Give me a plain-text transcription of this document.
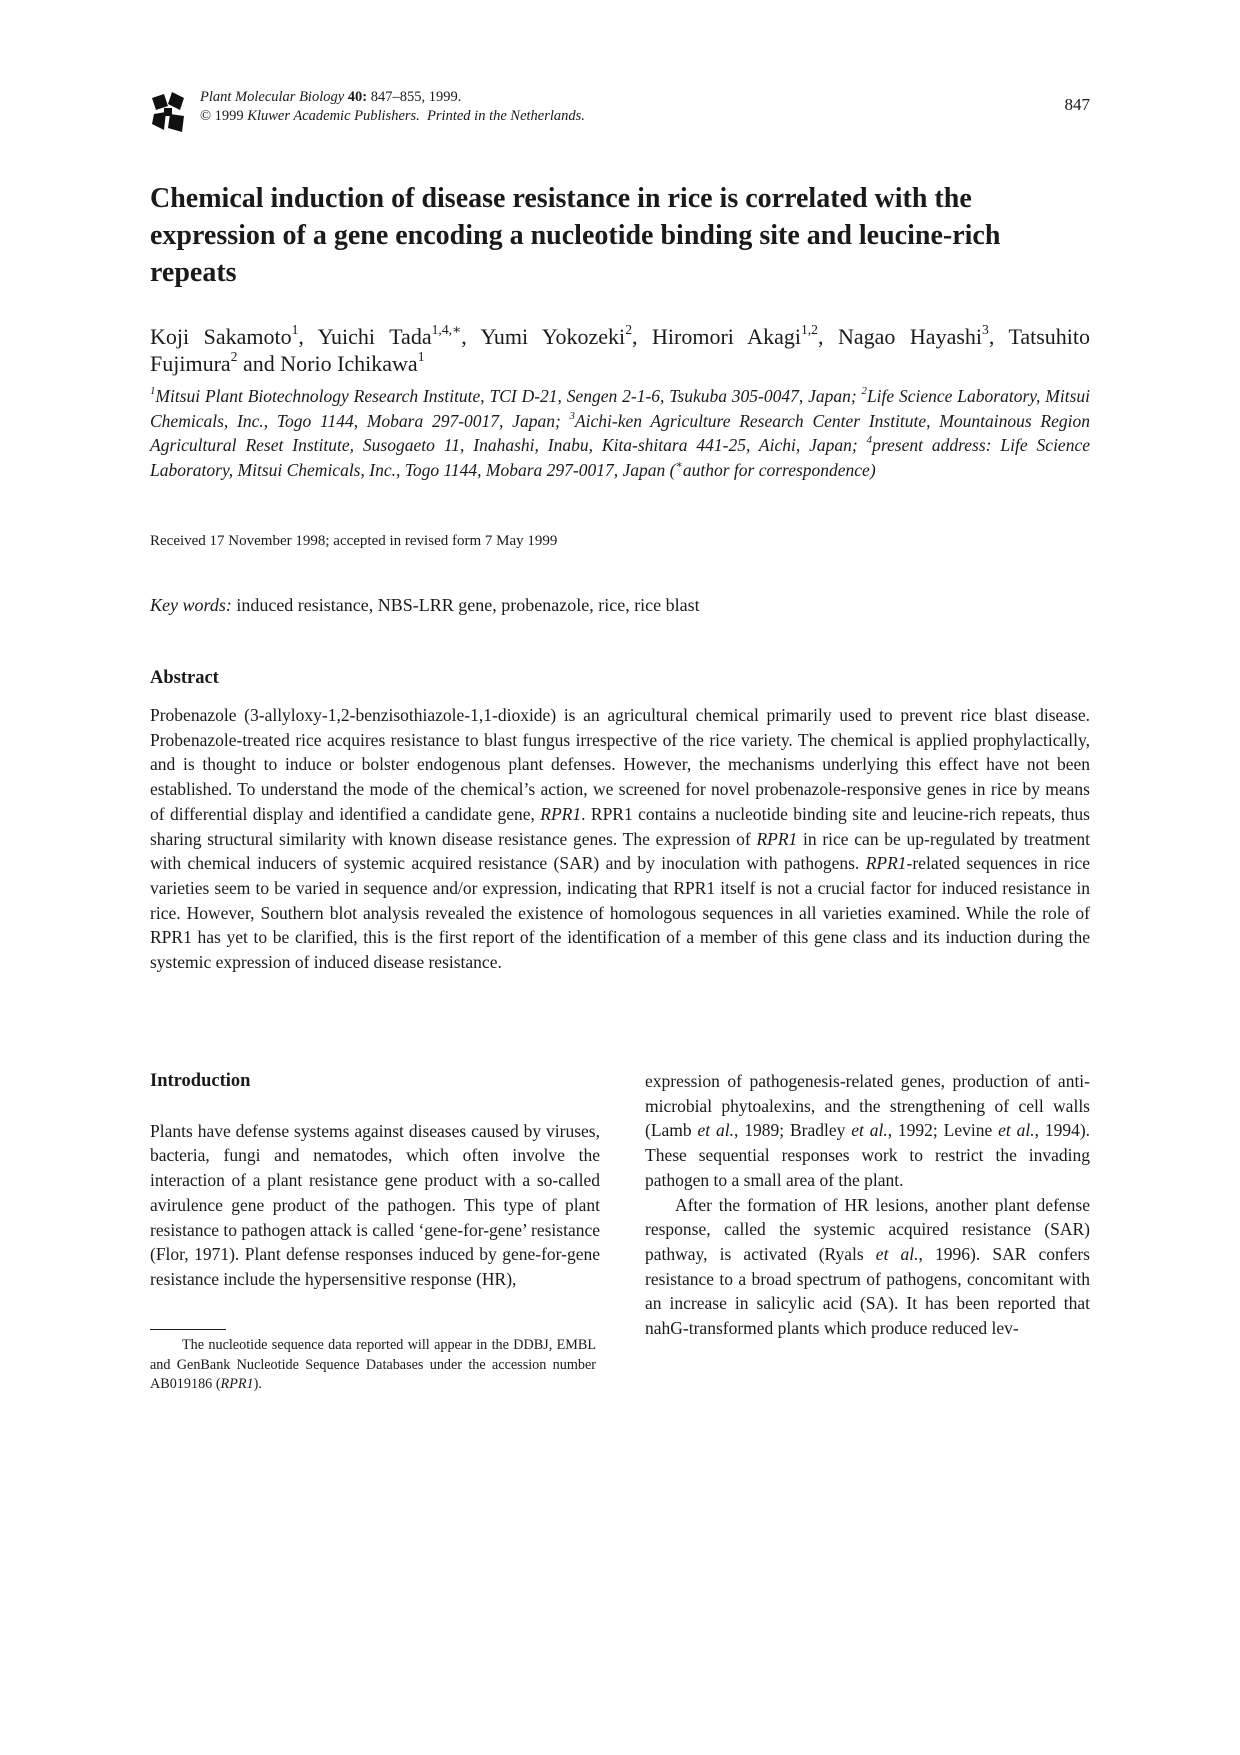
Plant Molecular Biology 40: 847–855, 1999.
© 1999 Kluwer Academic Publishers. Printed in the Netherlands.
847
Chemical induction of disease resistance in rice is correlated with the expression of a gene encoding a nucleotide binding site and leucine-rich repeats

Koji Sakamoto$^1$, Yuichi Tada$^{1,4,∗}$, Yumi Yokozeki$^2$, Hiromori Akagi$^{1,2}$, Nagao Hayashi$^3$, Tatsuhito Fujimura$^2$ and Norio Ichikawa$^1$

$^1$Mitsui Plant Biotechnology Research Institute, TCI D-21, Sengen 2-1-6, Tsukuba 305-0047, Japan; $^2$Life Science Laboratory, Mitsui Chemicals, Inc., Togo 1144, Mobara 297-0017, Japan; $^3$Aichi-ken Agriculture Research Center Institute, Mountainous Region Agricultural Reset Institute, Susogaeto 11, Inahashi, Inabu, Kita-shitara 441-25, Aichi, Japan; $^4$present address: Life Science Laboratory, Mitsui Chemicals, Inc., Togo 1144, Mobara 297-0017, Japan (∗author for correspondence)

Received 17 November 1998; accepted in revised form 7 May 1999

Key words: induced resistance, NBS-LRR gene, probenazole, rice, rice blast

Abstract

Probenazole (3-allyloxy-1,2-benzisothiazole-1,1-dioxide) is an agricultural chemical primarily used to prevent rice blast disease. Probenazole-treated rice acquires resistance to blast fungus irrespective of the rice variety. The chemical is applied prophylactically, and is thought to induce or bolster endogenous plant defenses. However, the mechanisms underlying this effect have not been established. To understand the mode of the chemical’s action, we screened for novel probenazole-responsive genes in rice by means of differential display and identified a candidate gene, RPR1. RPR1 contains a nucleotide binding site and leucine-rich repeats, thus sharing structural similarity with known disease resistance genes. The expression of RPR1 in rice can be up-regulated by treatment with chemical inducers of systemic acquired resistance (SAR) and by inoculation with pathogens. RPR1-related sequences in rice varieties seem to be varied in sequence and/or expression, indicating that RPR1 itself is not a crucial factor for induced resistance in rice. However, Southern blot analysis revealed the existence of homologous sequences in all varieties examined. While the role of RPR1 has yet to be clarified, this is the first report of the identification of a member of this gene class and its induction during the systemic expression of induced disease resistance.

Introduction

Plants have defense systems against diseases caused by viruses, bacteria, fungi and nematodes, which often involve the interaction of a plant resistance gene product with a so-called avirulence gene product of the pathogen. This type of plant resistance to pathogen attack is called ‘gene-for-gene’ resistance (Flor, 1971). Plant defense responses induced by gene-for-gene resistance include the hypersensitive response (HR),

expression of pathogenesis-related genes, production of anti-microbial phytoalexins, and the strengthening of cell walls (Lamb et al., 1989; Bradley et al., 1992; Levine et al., 1994). These sequential responses work to restrict the invading pathogen to a small area of the plant.

After the formation of HR lesions, another plant defense response, called the systemic acquired resistance (SAR) pathway, is activated (Ryals et al., 1996). SAR confers resistance to a broad spectrum of pathogens, concomitant with an increase in salicylic acid (SA). It has been reported that nahG-transformed plants which produce reduced lev-

The nucleotide sequence data reported will appear in the DDBJ, EMBL and GenBank Nucleotide Sequence Databases under the accession number AB019186 (RPR1).
